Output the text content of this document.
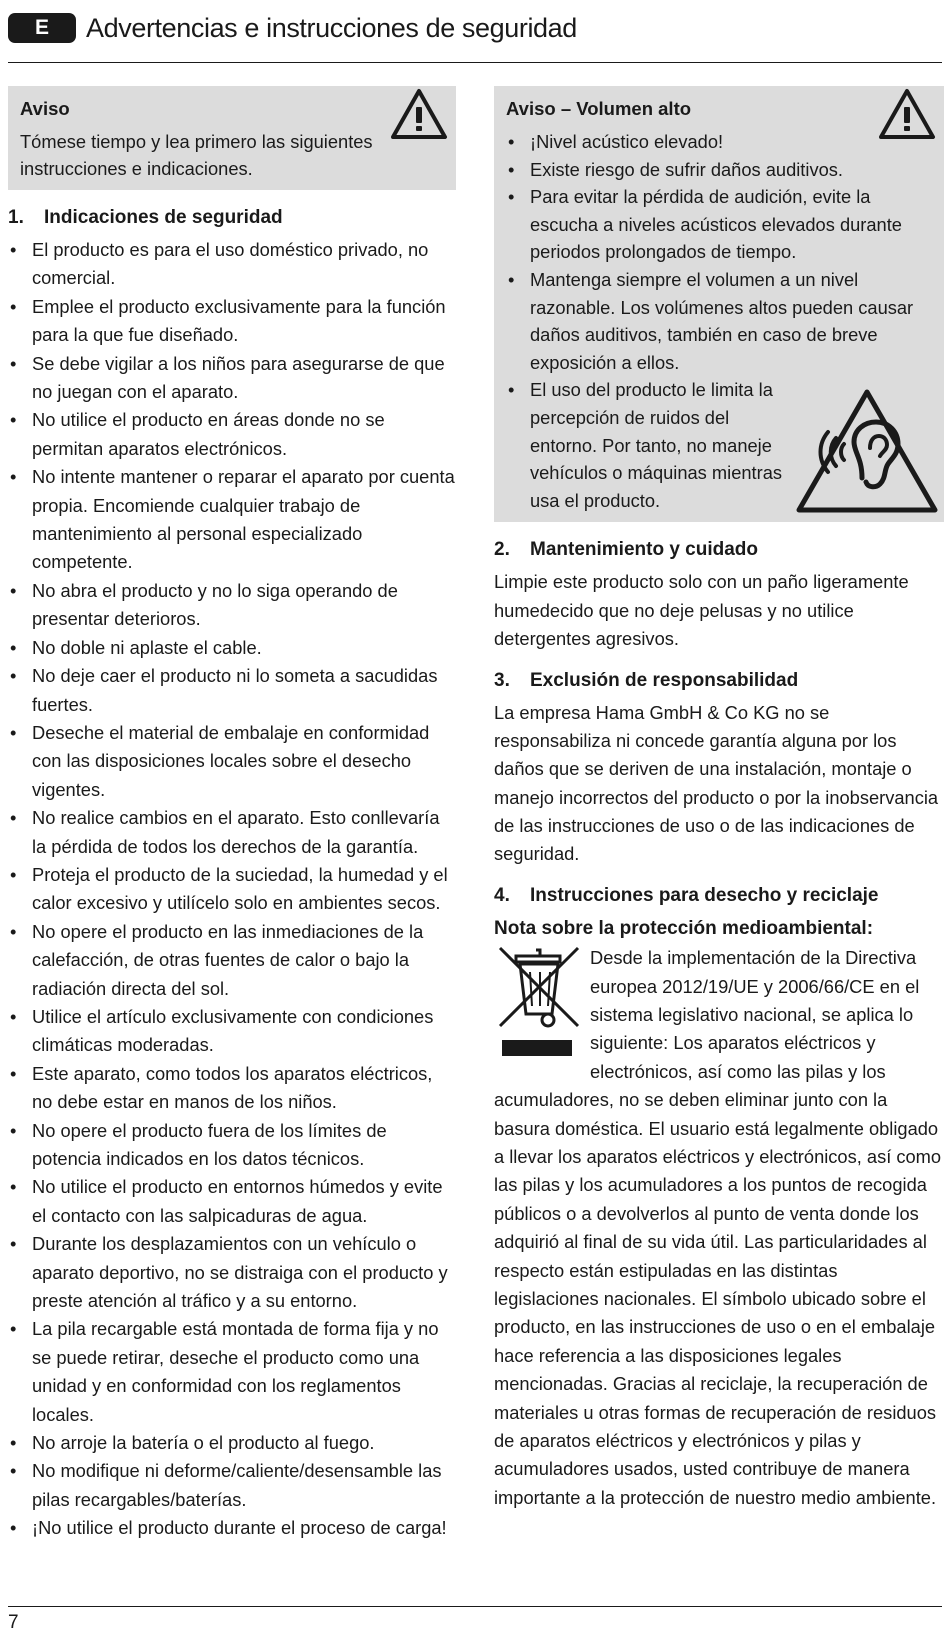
E	Advertencias e instrucciones de seguridad
Aviso
Tómese tiempo y lea primero las siguientes instrucciones e indicaciones.
1.	Indicaciones de seguridad
• El producto es para el uso doméstico privado, no comercial.
• Emplee el producto exclusivamente para la función para la que fue diseñado.
• Se debe vigilar a los niños para asegurarse de que no juegan con el aparato.
• No utilice el producto en áreas donde no se permitan aparatos electrónicos.
• No intente mantener o reparar el aparato por cuenta propia. Encomiende cualquier trabajo de mantenimiento al personal especializado competente.
• No abra el producto y no lo siga operando de presentar deterioros.
• No doble ni aplaste el cable.
• No deje caer el producto ni lo someta a sacudidas fuertes.
• Deseche el material de embalaje en conformidad con las disposiciones locales sobre el desecho vigentes.
• No realice cambios en el aparato. Esto conllevaría la pérdida de todos los derechos de la garantía.
• Proteja el producto de la suciedad, la humedad y el calor excesivo y utilícelo solo en ambientes secos.
• No opere el producto en las inmediaciones de la calefacción, de otras fuentes de calor o bajo la radiación directa del sol.
• Utilice el artículo exclusivamente con condiciones climáticas moderadas.
• Este aparato, como todos los aparatos eléctricos, no debe estar en manos de los niños.
• No opere el producto fuera de los límites de potencia indicados en los datos técnicos.
• No utilice el producto en entornos húmedos y evite el contacto con las salpicaduras de agua.
• Durante los desplazamientos con un vehículo o aparato deportivo, no se distraiga con el producto y preste atención al tráfico y a su entorno.
• La pila recargable está montada de forma fija y no se puede retirar, deseche el producto como una unidad y en conformidad con los reglamentos locales.
• No arroje la batería o el producto al fuego.
• No modifique ni deforme/caliente/desensamble las pilas recargables/baterías.
• ¡No utilice el producto durante el proceso de carga!
Aviso – Volumen alto
• ¡Nivel acústico elevado!
• Existe riesgo de sufrir daños auditivos.
• Para evitar la pérdida de audición, evite la escucha a niveles acústicos elevados durante periodos prolongados de tiempo.
• Mantenga siempre el volumen a un nivel razonable. Los volúmenes altos pueden causar daños auditivos, también en caso de breve exposición a ellos.
• El uso del producto le limita la percepción de ruidos del entorno. Por tanto, no maneje vehículos o máquinas mientras usa el producto.
2.	Mantenimiento y cuidado
Limpie este producto solo con un paño ligeramente humedecido que no deje pelusas y no utilice detergentes agresivos.
3.	Exclusión de responsabilidad
La empresa Hama GmbH & Co KG no se responsabiliza ni concede garantía alguna por los daños que se deriven de una instalación, montaje o manejo incorrectos del producto o por la inobservancia de las instrucciones de uso o de las indicaciones de seguridad.
4.	Instrucciones para desecho y reciclaje
Nota sobre la protección medioambiental:
Desde la implementación de la Directiva europea 2012/19/UE y 2006/66/CE en el sistema legislativo nacional, se aplica lo siguiente: Los aparatos eléctricos y electrónicos, así como las pilas y los acumuladores, no se deben eliminar junto con la basura doméstica. El usuario está legalmente obligado a llevar los aparatos eléctricos y electrónicos, así como las pilas y los acumuladores a los puntos de recogida públicos o a devolverlos al punto de venta donde los adquirió al final de su vida útil. Las particularidades al respecto están estipuladas en las distintas legislaciones nacionales. El símbolo ubicado sobre el producto, en las instrucciones de uso o en el embalaje hace referencia a las disposiciones legales mencionadas. Gracias al reciclaje, la recuperación de materiales u otras formas de recuperación de residuos de aparatos eléctricos y electrónicos y pilas y acumuladores usados, usted contribuye de manera importante a la protección de nuestro medio ambiente.
7
